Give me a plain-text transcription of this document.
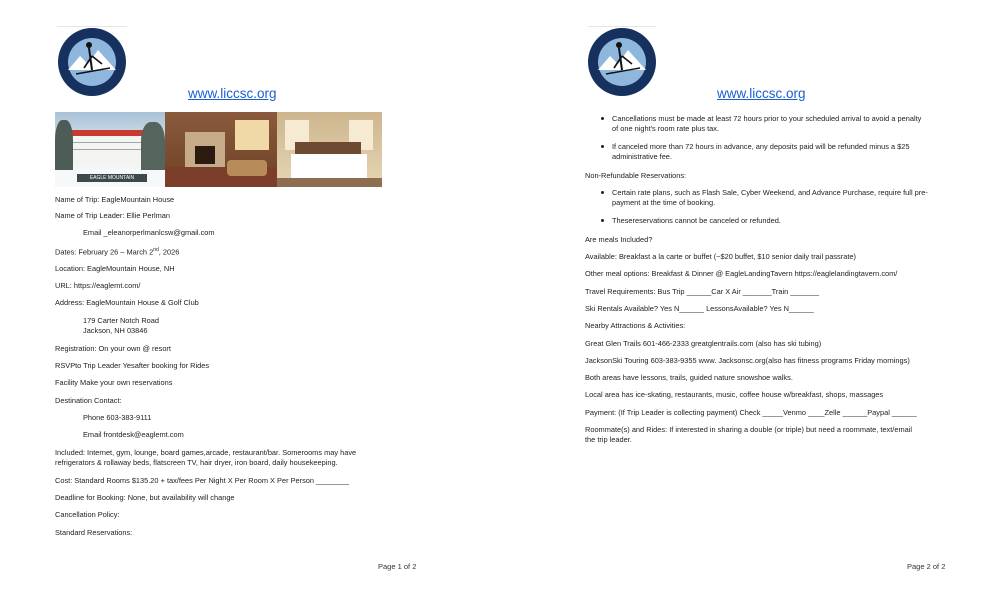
www.liccsc.org
EAGLE MOUNTAIN
Name of Trip: EagleMountain House
Name of Trip Leader: Ellie Perlman
Email _eleanorperlmanlcsw@gmail.com
Dates: February 26 – March 2nd, 2026
Location: EagleMountain House, NH
URL: https://eaglemt.com/
Address: EagleMountain House & Golf Club
179 Carter Notch Road
Jackson, NH 03846
Registration: On your own @ resort
RSVPto Trip Leader Yesafter booking for Rides
Facility Make your own reservations
Destination Contact:
Phone 603-383-9111
Email frontdesk@eaglemt.com
Included: Internet, gym, lounge, board games,arcade, restaurant/bar. Somerooms may have
refrigerators & rollaway beds, flatscreen TV, hair dryer, iron board, daily housekeeping.
Cost: Standard Rooms $135.20 + tax/fees Per Night X Per Room X Per Person ________
Deadline for Booking: None, but availability will change
Cancellation Policy:
Standard Reservations:
Page 1 of 2
www.liccsc.org
Cancellations must be made at least 72 hours prior to your scheduled arrival to avoid a penalty
of one night's room rate plus tax.
If canceled more than 72 hours in advance, any deposits paid will be refunded minus a $25
administrative fee.
Non-Refundable Reservations:
Certain rate plans, such as Flash Sale, Cyber Weekend, and Advance Purchase, require full pre-
payment at the time of booking.
Thesereservations cannot be canceled or refunded.
Are meals Included?
Available: Breakfast a la carte or buffet (~$20 buffet, $10 senior daily trail passrate)
Other meal options: Breakfast & Dinner @ EagleLandingTavern https://eaglelandingtavern.com/
Travel Requirements: Bus Trip ______Car X Air _______Train _______
Ski Rentals Available? Yes N______ LessonsAvailable? Yes N______
Nearby Attractions & Activities:
Great Glen Trails 601-466-2333 greatglentrails.com (also has ski tubing)
JacksonSki Touring 603-383-9355 www. Jacksonsc.org(also has fitness programs Friday mornings)
Both areas have lessons, trails, guided nature snowshoe walks.
Local area has ice-skating, restaurants, music, coffee house w/breakfast, shops, massages
Payment: (If Trip Leader is collecting payment) Check _____Venmo ____Zelle ______Paypal ______
Roommate(s) and Rides: If interested in sharing a double (or triple) but need a roommate, text/email
the trip leader.
Page 2 of 2
